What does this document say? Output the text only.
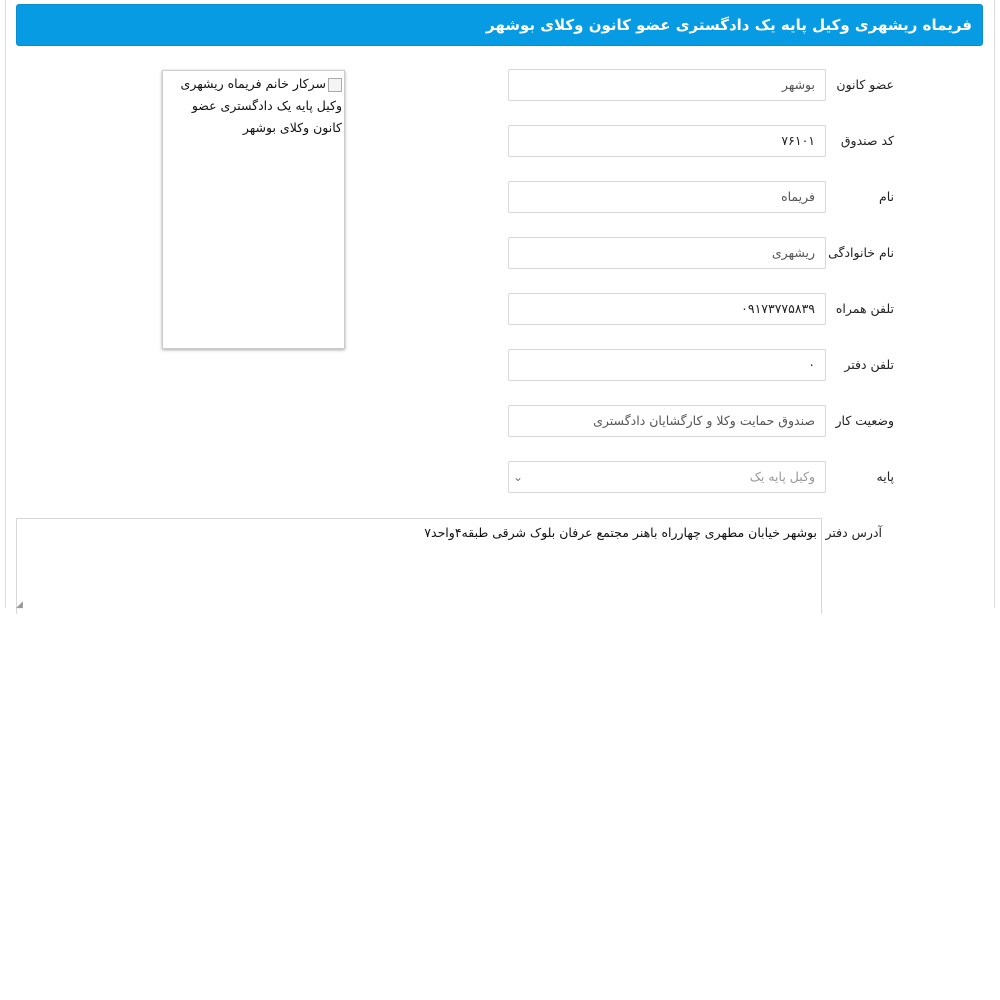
فریماه ریشهری وکیل پایه یک دادگستری عضو کانون وکلای بوشهر
عضو کانون
بوشهر
کد صندوق
۷۶۱۰۱
نام
فریماه
نام خانوادگی
ریشهری
تلفن همراه
۰۹۱۷۳۷۷۵۸۳۹
تلفن دفتر
۰
وضعیت کار
صندوق حمایت وکلا و کارگشایان دادگستری
پایه
وکیل پایه یک
⌄
آدرس دفتر
بوشهر خیابان مطهری چهارراه باهنر مجتمع عرفان بلوک شرقی طبقه۴واحد۷
◢
سرکار خانم فریماه ریشهری وکیل پایه یک دادگستری عضو کانون وکلای بوشهر
